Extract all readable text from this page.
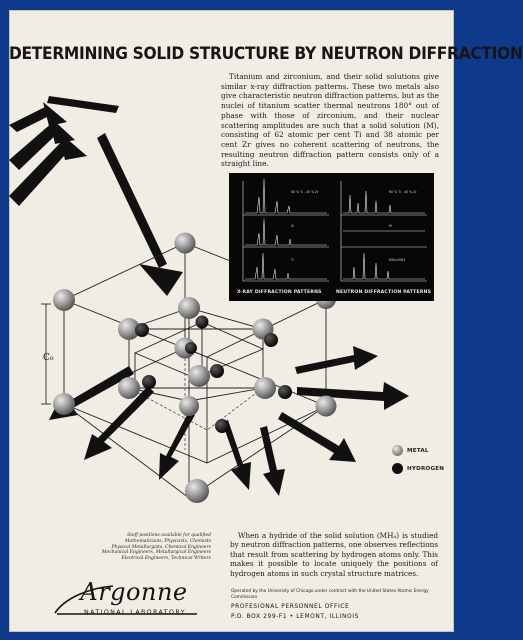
DETERMINING SOLID STRUCTURE BY NEUTRON DIFFRACTION

Titanium and zirconium, and their solid solutions give similar x-ray diffraction patterns. These two metals also give characteristic neutron diffraction patterns, but as the nuclei of titanium scatter thermal neutrons 180° out of phase with those of zirconium, and their nuclear scattering amplitudes are such that a solid solution (M), consisting of 62 atomic per cent Ti and 38 atomic per cent Zr gives no coherent scattering of neutrons, the resulting neutron diffraction pattern consists only of a straight line.

C₀
60 % Ti - 40 % Zr
Zr
Ti
60 % Ti - 40 % Zr
M
MH\u2084
X-RAY DIFFRACTION PATTERNS	NEUTRON DIFFRACTION PATTERNS
METAL
HYDROGEN

Staff positions available for qualified
Mathematicians, Physicists, Chemists
Physical Metallurgists, Chemical Engineers
Mechanical Engineers, Metallurgical Engineers
Electrical Engineers, Technical Writers

When a hydride of the solid solution (MH₄) is studied by neutron diffraction patterns, one observes reflections that result from scattering by hydrogen atoms only. This makes it possible to locate uniquely the positions of hydrogen atoms in such crystal structure matrices.

Argonne
NATIONAL LABORATORY
Operated by the University of Chicago under contract with the United States Atomic Energy Commission
PROFESIONAL PERSONNEL OFFICE
P.O. BOX 299-F1 • LEMONT, ILLINOIS
